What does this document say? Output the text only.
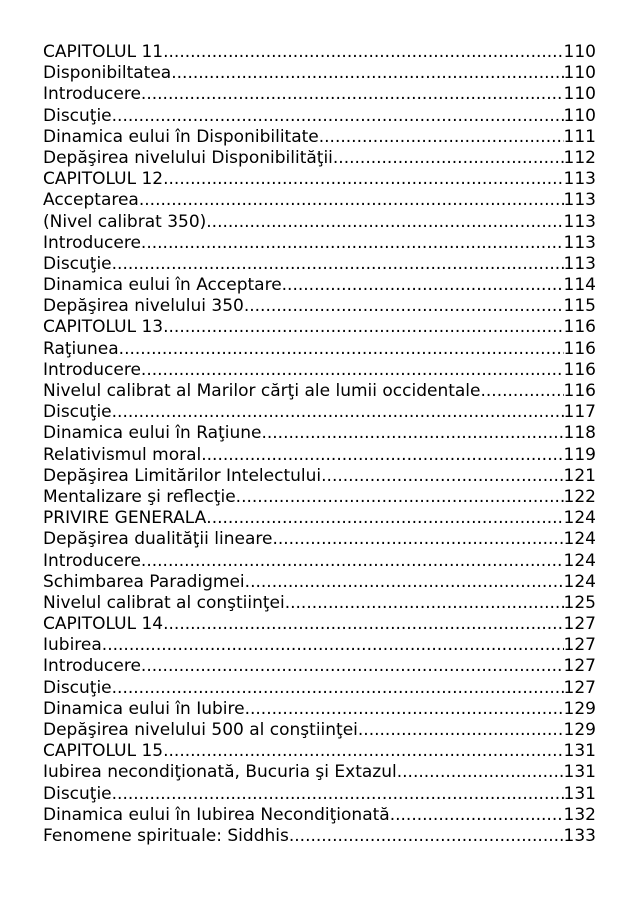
CAPITOLUL 11 .....	110
Disponibiltatea .....	110
Introducere .....	110
Discuţie .....	110
Dinamica eului în Disponibilitate .....	111
Depăşirea nivelului Disponibilităţii .....	112
CAPITOLUL 12 .....	113
Acceptarea .....	113
(Nivel calibrat 350) .....	113
Introducere .....	113
Discuţie .....	113
Dinamica eului în Acceptare .....	114
Depăşirea nivelului 350 .....	115
CAPITOLUL 13 .....	116
Raţiunea .....	116
Introducere .....	116
Nivelul calibrat al Marilor cărţi ale lumii occidentale .....	116
Discuţie .....	117
Dinamica eului în Raţiune .....	118
Relativismul moral .....	119
Depăşirea Limitărilor Intelectului .....	121
Mentalizare şi reflecţie .....	122
PRIVIRE GENERALA .....	124
Depăşirea dualităţii lineare .....	124
Introducere .....	124
Schimbarea Paradigmei .....	124
Nivelul calibrat al conştiinţei .....	125
CAPITOLUL 14 .....	127
Iubirea .....	127
Introducere .....	127
Discuţie .....	127
Dinamica eului în Iubire .....	129
Depăşirea nivelului 500 al conştiinţei .....	129
CAPITOLUL 15 .....	131
Iubirea necondiţionată, Bucuria şi Extazul .....	131
Discuţie .....	131
Dinamica eului în Iubirea Necondiţionată .....	132
Fenomene spirituale: Siddhis .....	133
